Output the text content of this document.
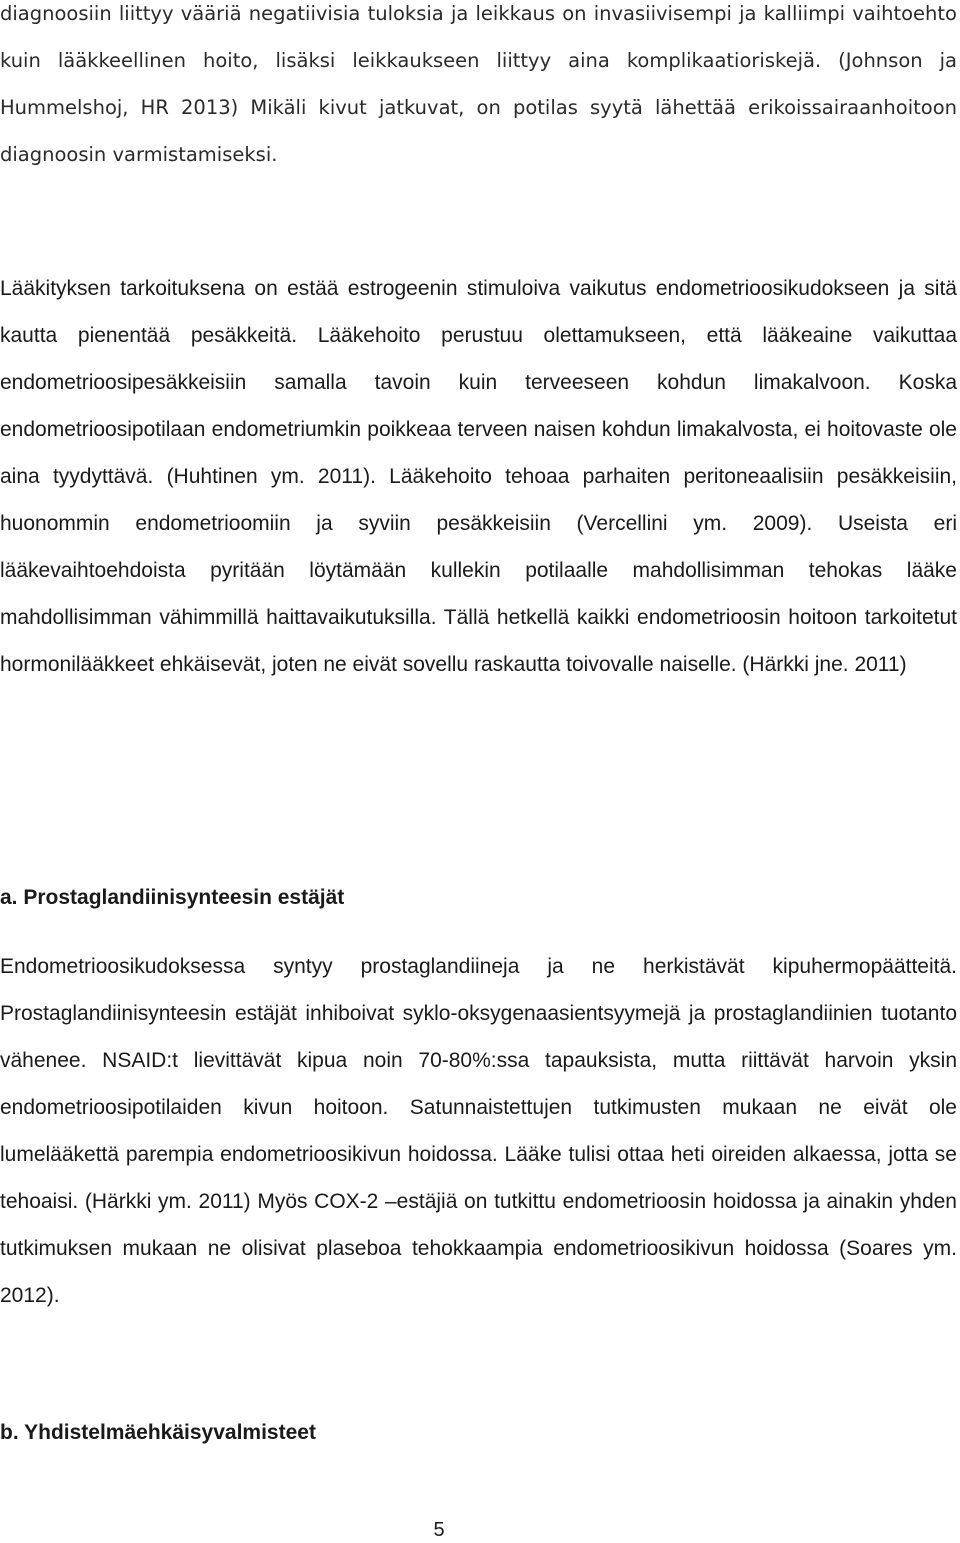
diagnoosiin liittyy vääriä negatiivisia tuloksia ja leikkaus on invasiivisempi ja kalliimpi vaihtoehto kuin lääkkeellinen hoito, lisäksi leikkaukseen liittyy aina komplikaatioriskejä. (Johnson ja Hummelshoj, HR 2013) Mikäli kivut jatkuvat, on potilas syytä lähettää erikoissairaanhoitoon diagnoosin varmistamiseksi.

Lääkityksen tarkoituksena on estää estrogeenin stimuloiva vaikutus endometrioosikudokseen ja sitä kautta pienentää pesäkkeitä. Lääkehoito perustuu olettamukseen, että lääkeaine vaikuttaa endometrioosipesäkkeisiin samalla tavoin kuin terveeseen kohdun limakalvoon. Koska endometrioosipotilaan endometriumkin poikkeaa terveen naisen kohdun limakalvosta, ei hoitovaste ole aina tyydyttävä. (Huhtinen ym. 2011). Lääkehoito tehoaa parhaiten peritoneaalisiin pesäkkeisiin, huonommin endometrioomiin ja syviin pesäkkeisiin (Vercellini ym. 2009). Useista eri lääkevaihtoehdoista pyritään löytämään kullekin potilaalle mahdollisimman tehokas lääke mahdollisimman vähimmillä haittavaikutuksilla. Tällä hetkellä kaikki endometrioosin hoitoon tarkoitetut hormonilääkkeet ehkäisevät, joten ne eivät sovellu raskautta toivovalle naiselle. (Härkki jne. 2011)

a. Prostaglandiinisynteesin estäjät

Endometrioosikudoksessa syntyy prostaglandiineja ja ne herkistävät kipuhermopäätteitä. Prostaglandiinisynteesin estäjät inhiboivat syklo-oksygenaasientsyymejä ja prostaglandiinien tuotanto vähenee. NSAID:t lievittävät kipua noin 70-80%:ssa tapauksista, mutta riittävät harvoin yksin endometrioosipotilaiden kivun hoitoon. Satunnaistettujen tutkimusten mukaan ne eivät ole lumelääkettä parempia endometrioosikivun hoidossa. Lääke tulisi ottaa heti oireiden alkaessa, jotta se tehoaisi. (Härkki ym. 2011) Myös COX-2 –estäjiä on tutkittu endometrioosin hoidossa ja ainakin yhden tutkimuksen mukaan ne olisivat plaseboa tehokkaampia endometrioosikivun hoidossa (Soares ym. 2012).

b. Yhdistelmäehkäisyvalmisteet
5
